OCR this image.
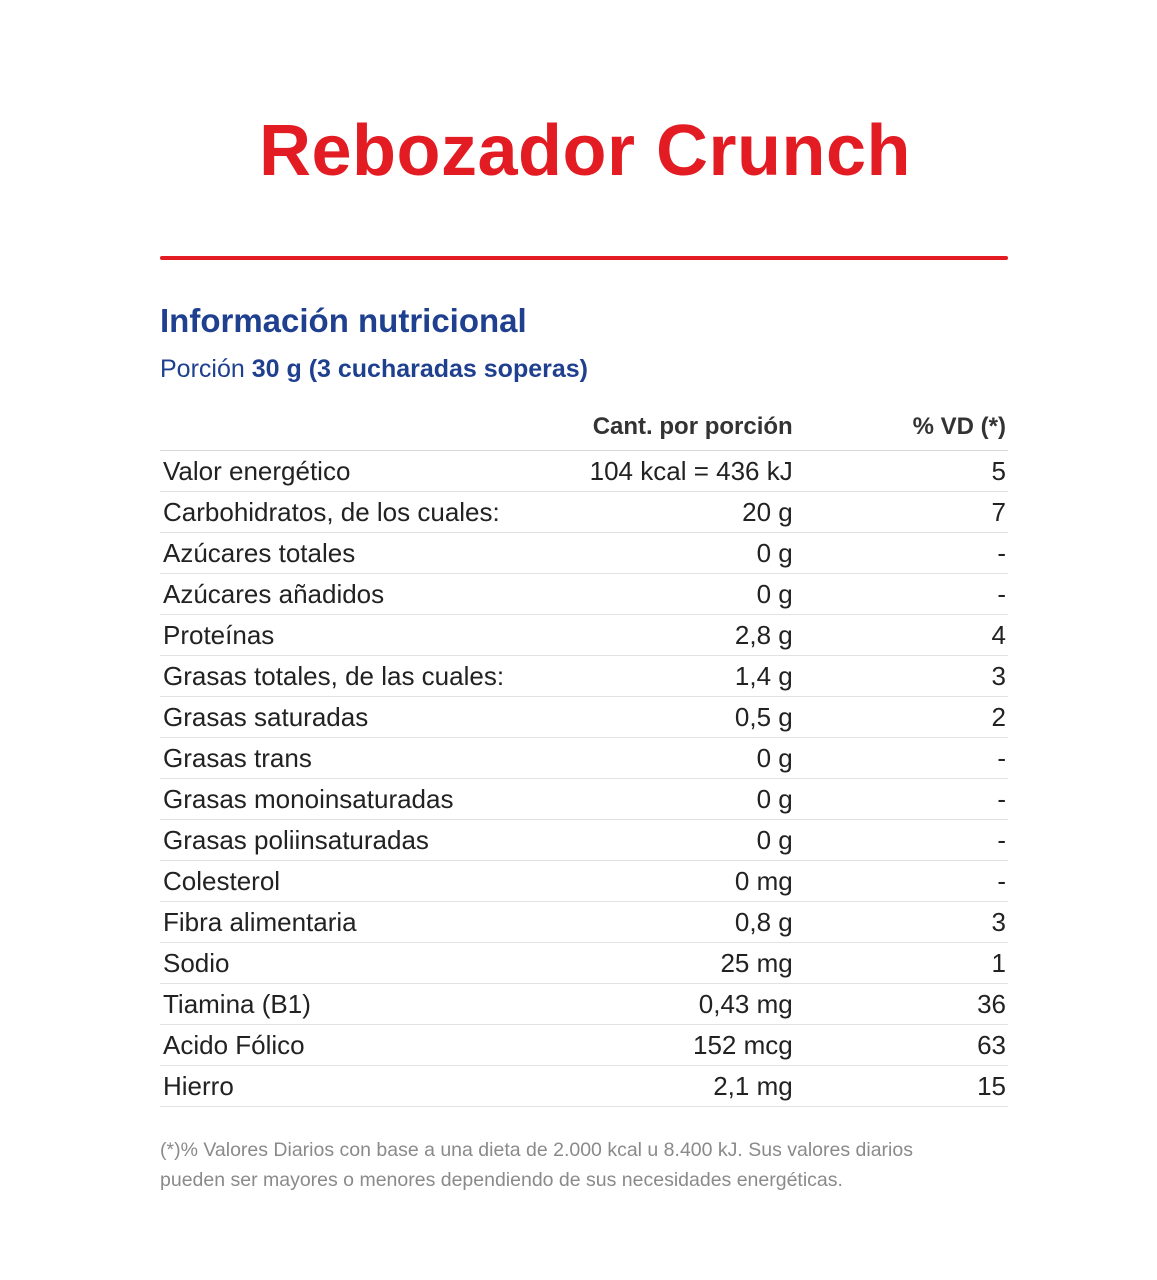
Rebozador Crunch
Información nutricional
Porción 30 g (3 cucharadas soperas)
	Cant. por porción	% VD (*)
Valor energético	104 kcal = 436 kJ	5
Carbohidratos, de los cuales:	20 g	7
Azúcares totales	0 g	-
Azúcares añadidos	0 g	-
Proteínas	2,8 g	4
Grasas totales, de las cuales:	1,4 g	3
Grasas saturadas	0,5 g	2
Grasas trans	0 g	-
Grasas monoinsaturadas	0 g	-
Grasas poliinsaturadas	0 g	-
Colesterol	0 mg	-
Fibra alimentaria	0,8 g	3
Sodio	25 mg	1
Tiamina (B1)	0,43 mg	36
Acido Fólico	152 mcg	63
Hierro	2,1 mg	15
(*)% Valores Diarios con base a una dieta de 2.000 kcal u 8.400 kJ. Sus valores diarios
pueden ser mayores o menores dependiendo de sus necesidades energéticas.
